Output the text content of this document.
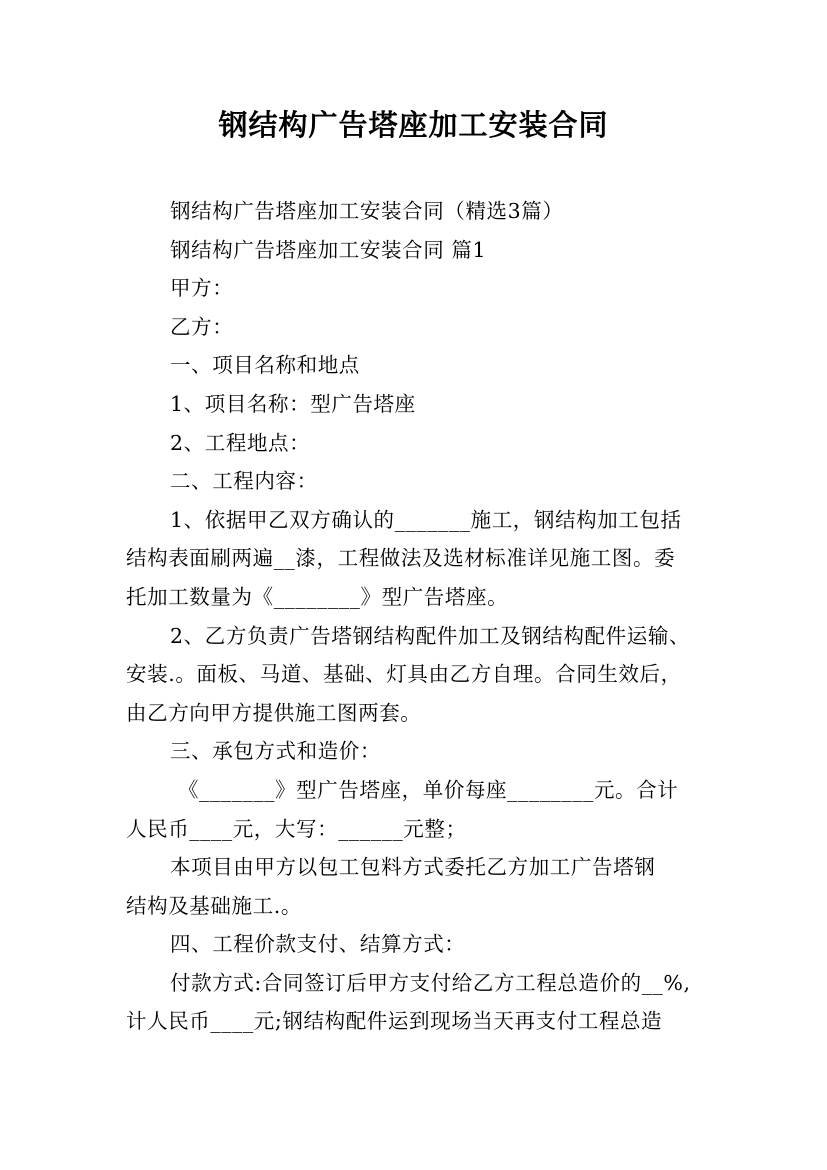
钢结构广告塔座加工安装合同
钢结构广告塔座加工安装合同（精选3篇）
钢结构广告塔座加工安装合同 篇1
甲方：
乙方：
一、项目名称和地点
1、项目名称：型广告塔座
2、工程地点：
二、工程内容：
1、依据甲乙双方确认的_______施工，钢结构加工包括
结构表面刷两遍__漆，工程做法及选材标准详见施工图。委
托加工数量为《________》型广告塔座。
2、乙方负责广告塔钢结构配件加工及钢结构配件运输、
安装.。面板、马道、基础、灯具由乙方自理。合同生效后，
由乙方向甲方提供施工图两套。
三、承包方式和造价：
《_______》型广告塔座，单价每座________元。合计
人民币____元，大写：______元整；
本项目由甲方以包工包料方式委托乙方加工广告塔钢
结构及基础施工.。
四、工程价款支付、结算方式：
付款方式:合同签订后甲方支付给乙方工程总造价的__%,
计人民币____元;钢结构配件运到现场当天再支付工程总造
